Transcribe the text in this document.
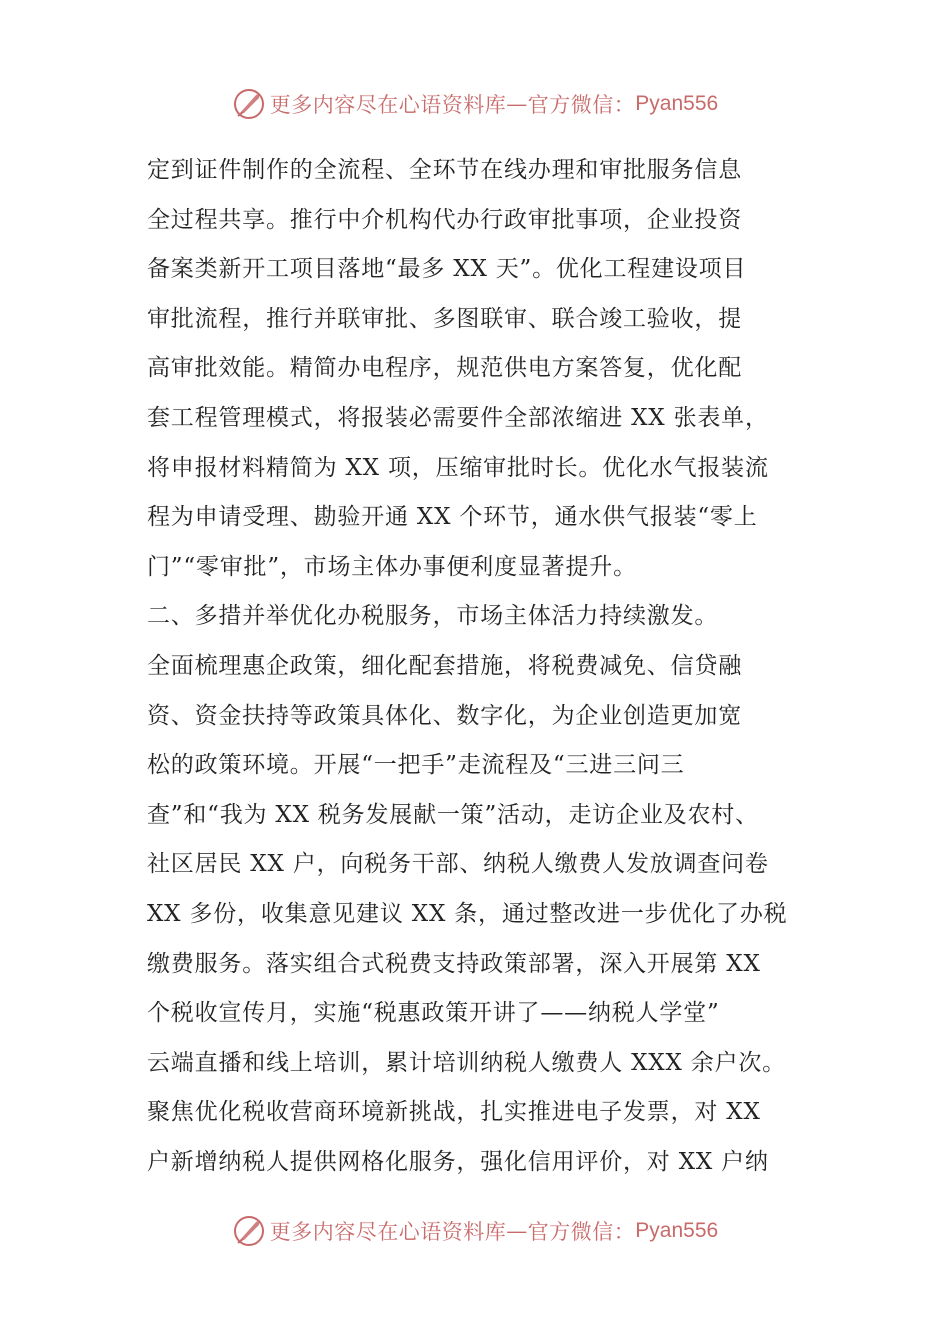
更多内容尽在心语资料库 — 官方微信： Pyan556
定到证件制作的全流程、全环节在线办理和审批服务信息
全过程共享。推行中介机构代办行政审批事项，企业投资
备案类新开工项目落地“最多 XX 天”。优化工程建设项目
审批流程，推行并联审批、多图联审、联合竣工验收，提
高审批效能。精简办电程序，规范供电方案答复，优化配
套工程管理模式，将报装必需要件全部浓缩进 XX 张表单，
将申报材料精简为 XX 项，压缩审批时长。优化水气报装流
程为申请受理、勘验开通 XX 个环节，通水供气报装“零上
门”“零审批”，市场主体办事便利度显著提升。
二、多措并举优化办税服务，市场主体活力持续激发。
全面梳理惠企政策，细化配套措施，将税费减免、信贷融
资、资金扶持等政策具体化、数字化，为企业创造更加宽
松的政策环境。开展“一把手”走流程及“三进三问三
查”和“我为 XX 税务发展献一策”活动，走访企业及农村、
社区居民 XX 户，向税务干部、纳税人缴费人发放调查问卷
XX 多份，收集意见建议 XX 条，通过整改进一步优化了办税
缴费服务。落实组合式税费支持政策部署，深入开展第 XX
个税收宣传月，实施“税惠政策开讲了——纳税人学堂”
云端直播和线上培训，累计培训纳税人缴费人 XXX 余户次。
聚焦优化税收营商环境新挑战，扎实推进电子发票，对 XX
户新增纳税人提供网格化服务，强化信用评价，对 XX 户纳
更多内容尽在心语资料库 — 官方微信： Pyan556
